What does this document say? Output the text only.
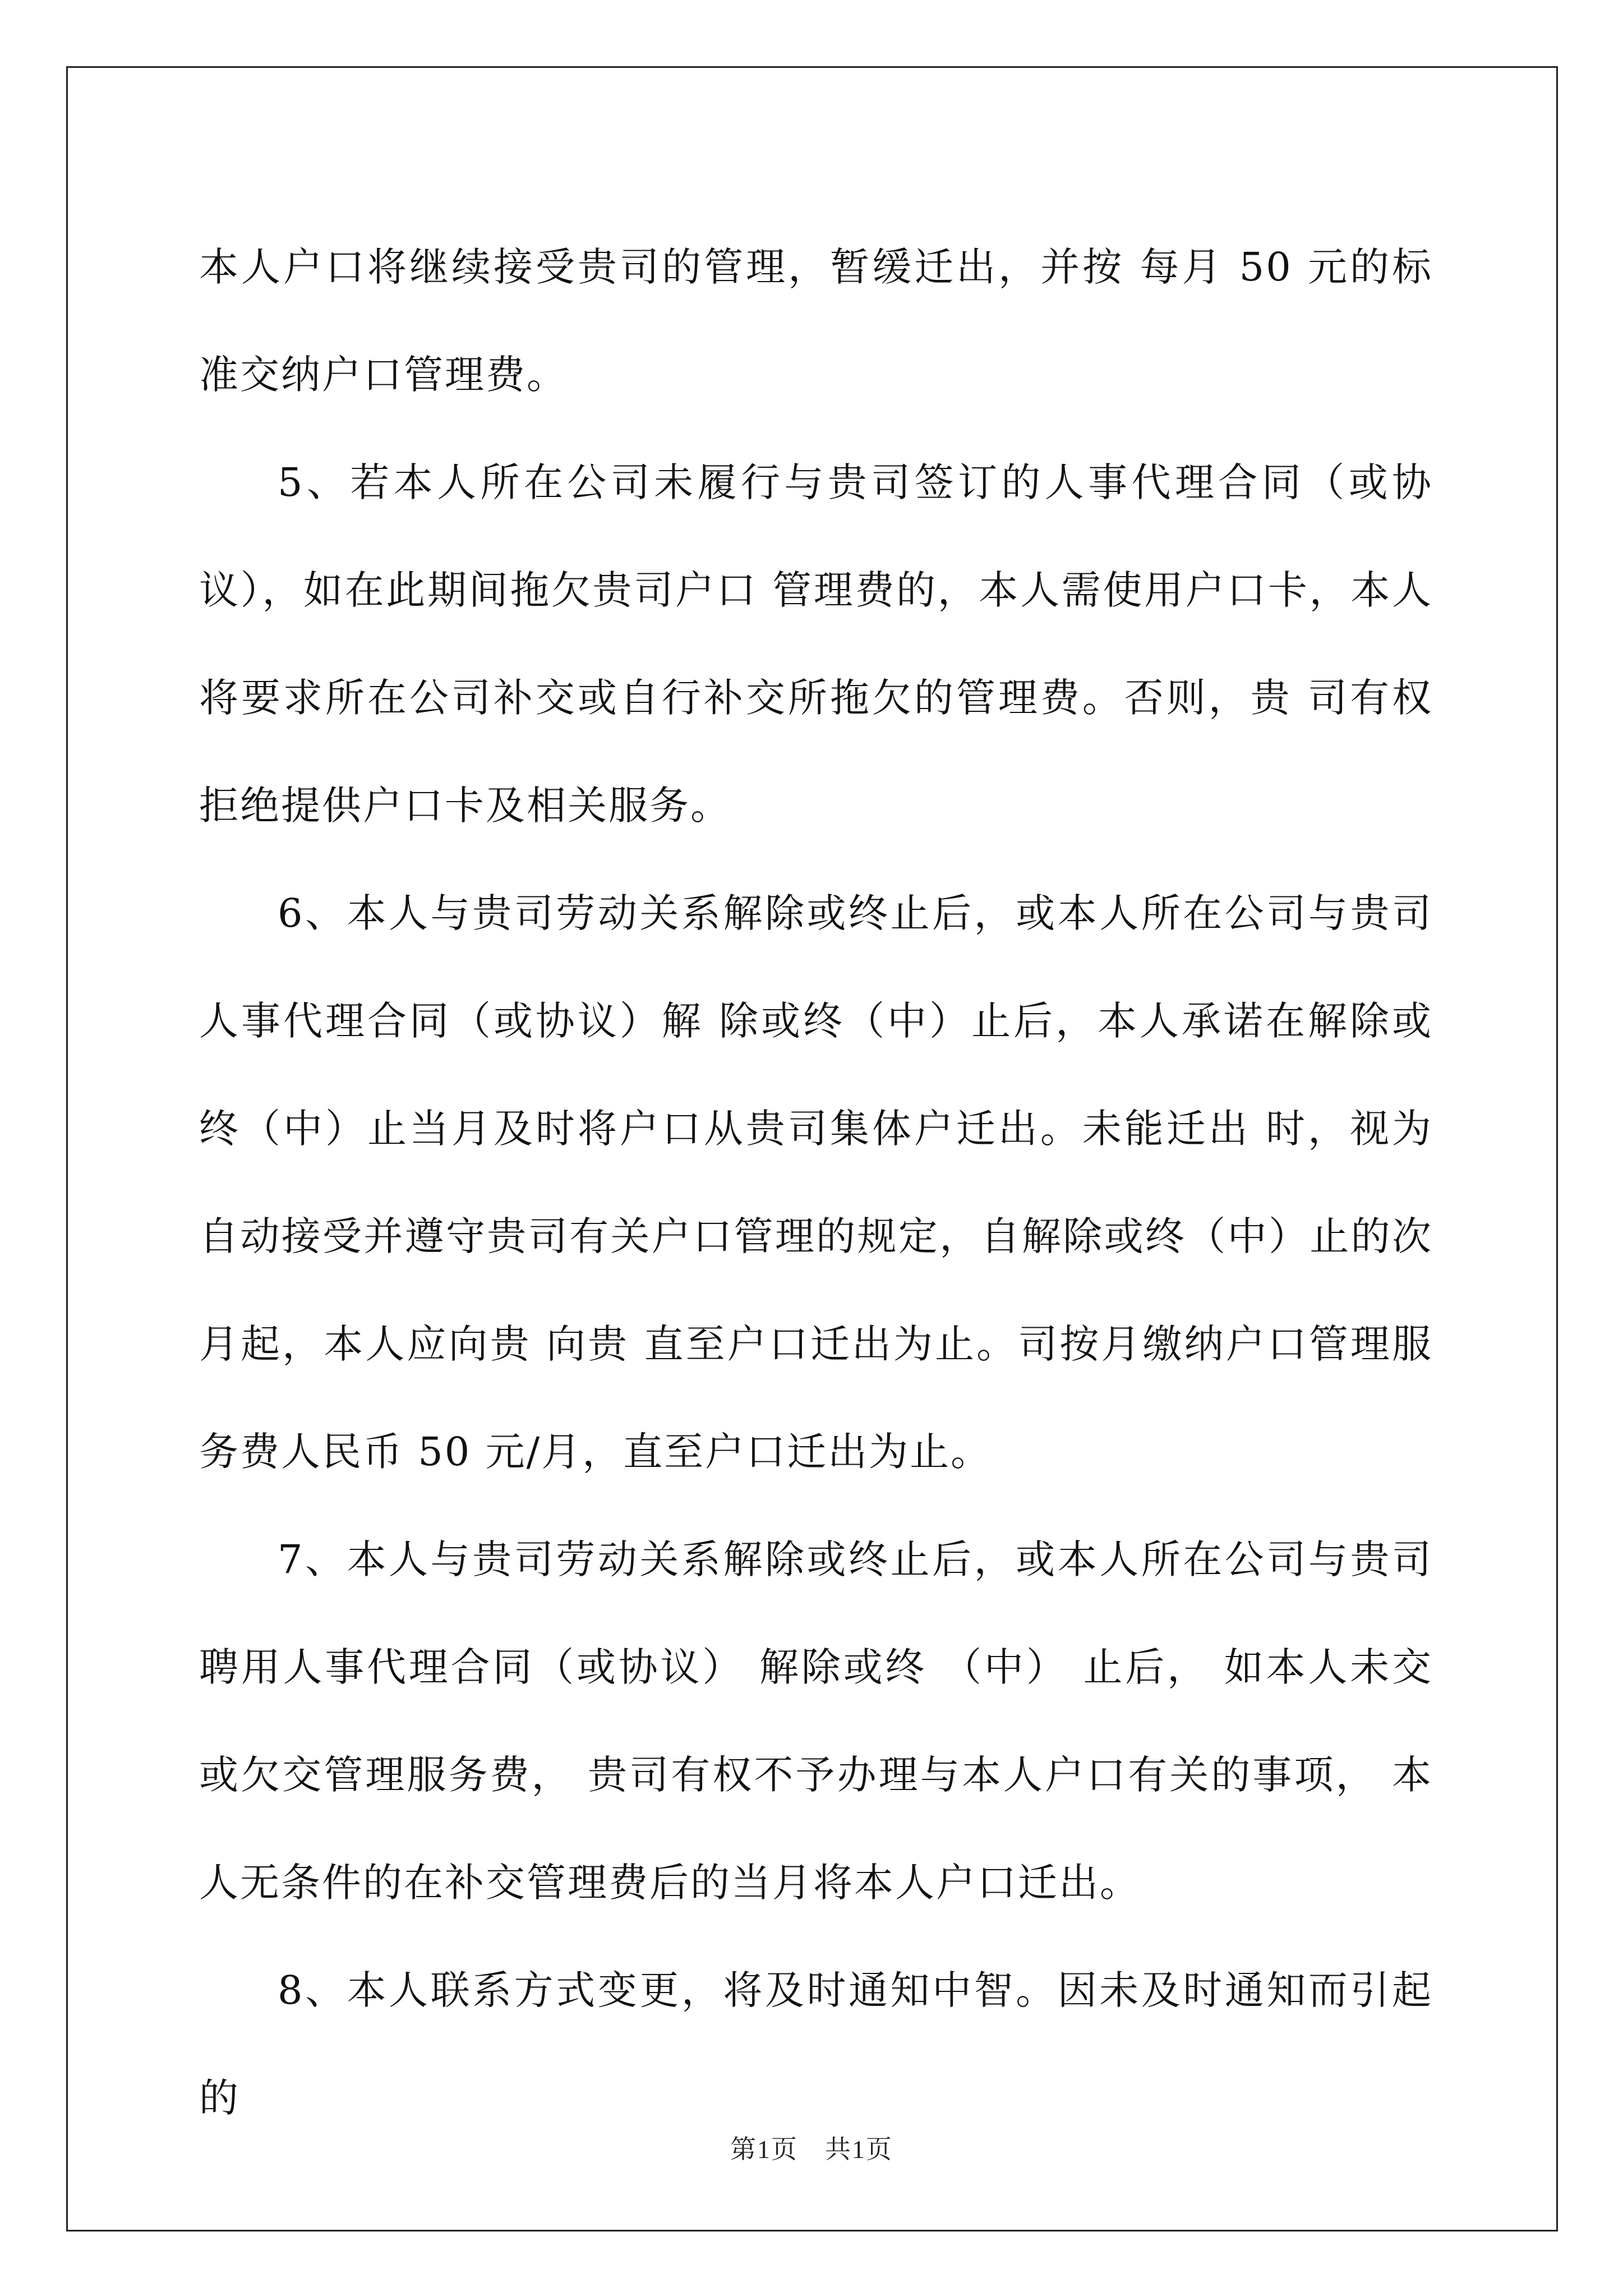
本人户口将继续接受贵司的管理，暂缓迁出，并按 每月 50 元的标准交纳户口管理费。

5、若本人所在公司未履行与贵司签订的人事代理合同（或协议），如在此期间拖欠贵司户口 管理费的，本人需使用户口卡，本人将要求所在公司补交或自行补交所拖欠的管理费。否则，贵 司有权拒绝提供户口卡及相关服务。

6、本人与贵司劳动关系解除或终止后，或本人所在公司与贵司人事代理合同（或协议）解 除或终（中）止后，本人承诺在解除或终（中）止当月及时将户口从贵司集体户迁出。未能迁出 时，视为自动接受并遵守贵司有关户口管理的规定，自解除或终（中）止的次月起，本人应向贵 向贵 直至户口迁出为止。司按月缴纳户口管理服务费人民币 50 元/月，直至户口迁出为止。

7、本人与贵司劳动关系解除或终止后，或本人所在公司与贵司聘用人事代理合同（或协议） 解除或终 （中） 止后， 如本人未交或欠交管理服务费， 贵司有权不予办理与本人户口有关的事项， 本人无条件的在补交管理费后的当月将本人户口迁出。

8、本人联系方式变更，将及时通知中智。因未及时通知而引起的

第1页　共1页
